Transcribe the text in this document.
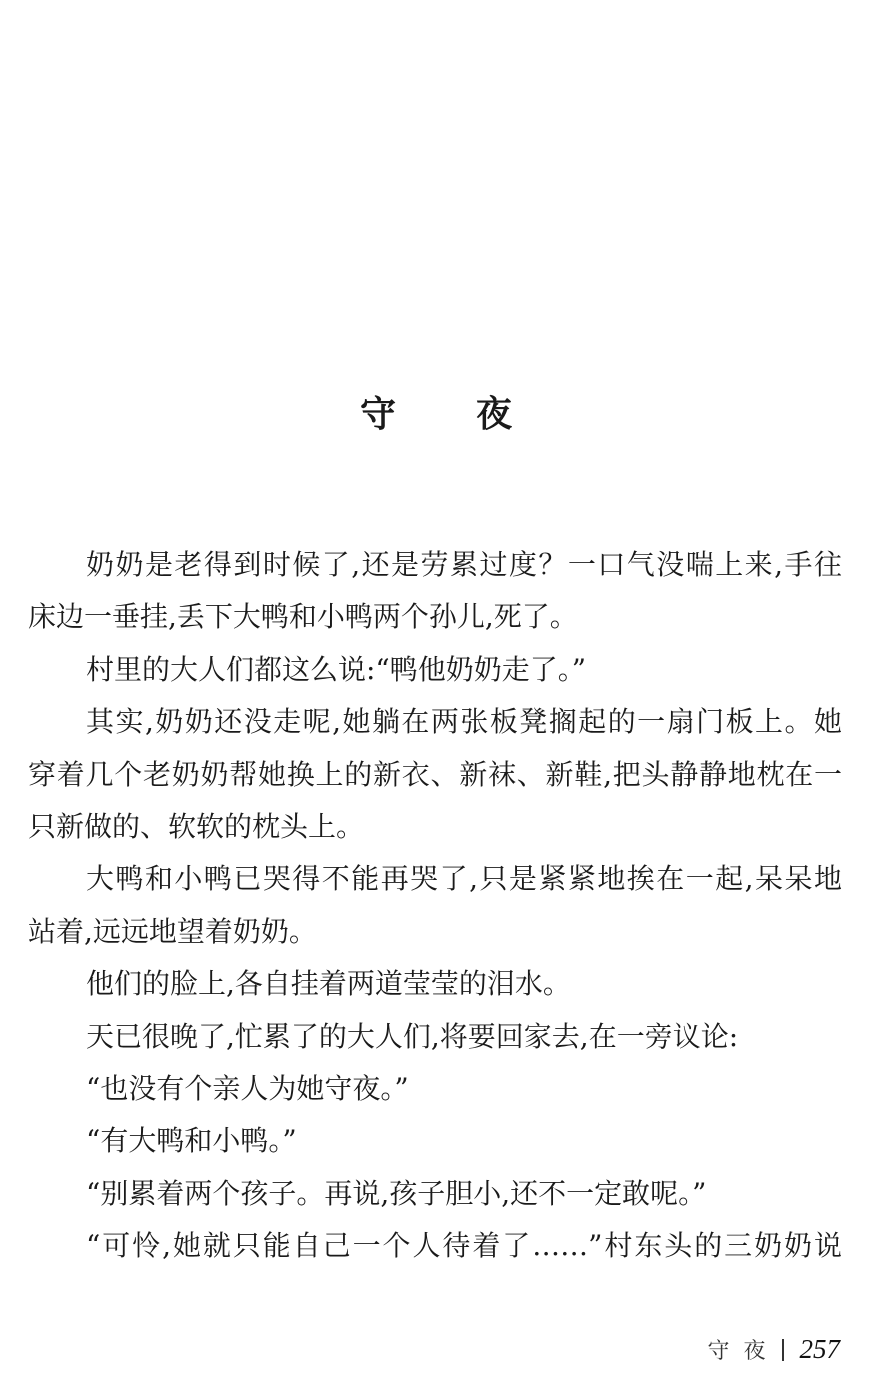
守 夜
奶奶是老得到时候了,还是劳累过度？一口气没喘上来,手往
床边一垂挂,丢下大鸭和小鸭两个孙儿,死了。
村里的大人们都这么说:“鸭他奶奶走了。”
其实,奶奶还没走呢,她躺在两张板凳搁起的一扇门板上。她
穿着几个老奶奶帮她换上的新衣、新袜、新鞋,把头静静地枕在一
只新做的、软软的枕头上。
大鸭和小鸭已哭得不能再哭了,只是紧紧地挨在一起,呆呆地
站着,远远地望着奶奶。
他们的脸上,各自挂着两道莹莹的泪水。
天已很晚了,忙累了的大人们,将要回家去,在一旁议论:
“也没有个亲人为她守夜。”
“有大鸭和小鸭。”
“别累着两个孩子。再说,孩子胆小,还不一定敢呢。”
“可怜,她就只能自己一个人待着了……”村东头的三奶奶说
守夜 257
